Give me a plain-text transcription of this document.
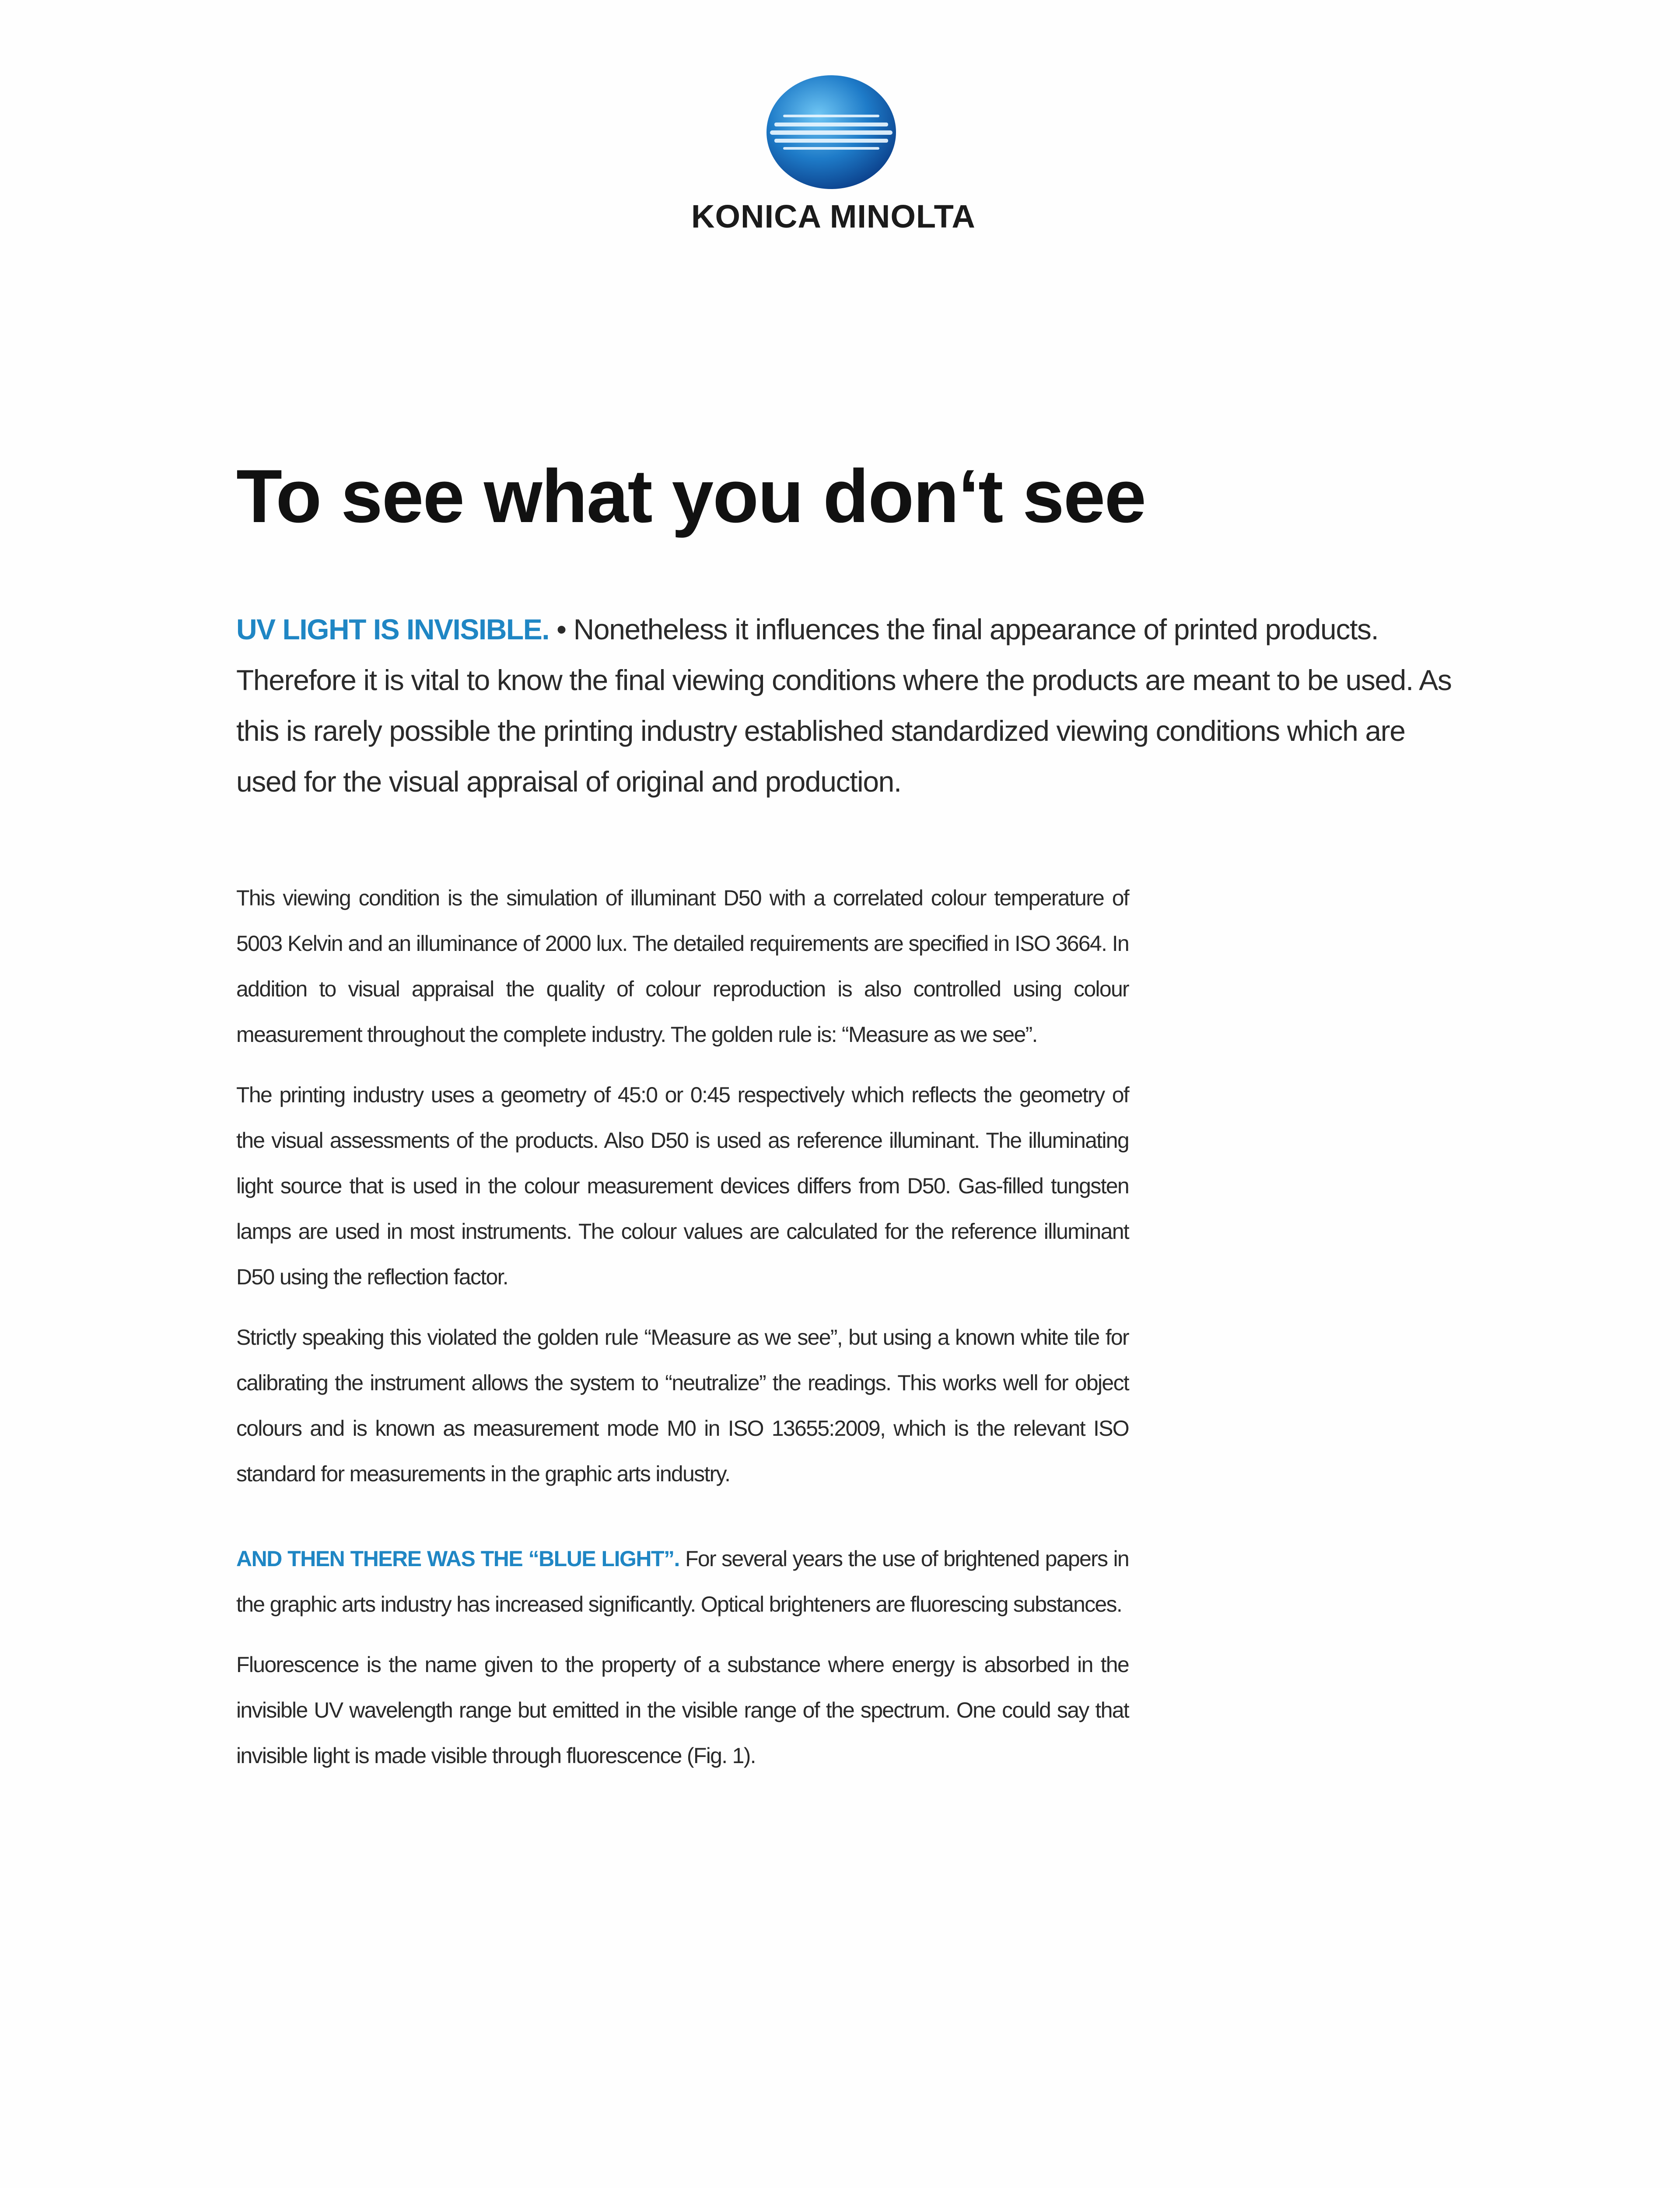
KONICA MINOLTA
To see what you don‘t see

UV LIGHT IS INVISIBLE. • Nonetheless it influences the final appearance of printed products. Therefore it is vital to know the final viewing conditions where the products are meant to be used. As this is rarely possible the printing industry established standardized viewing conditions which are used for the visual appraisal of original and production.

This viewing condition is the simulation of illuminant D50 with a correlated colour temperature of 5003 Kelvin and an illuminance of 2000 lux. The detailed requirements are specified in ISO 3664. In addition to visual appraisal the quality of colour reproduction is also controlled using colour measurement throughout the complete industry. The golden rule is: “Measure as we see”.

The printing industry uses a geometry of 45:0 or 0:45 respectively which reflects the geometry of the visual assessments of the products. Also D50 is used as reference illuminant. The illuminating light source that is used in the colour measurement devices differs from D50. Gas-filled tungsten lamps are used in most instruments. The colour values are calculated for the reference illuminant D50 using the reflection factor.

Strictly speaking this violated the golden rule “Measure as we see”, but using a known white tile for calibrating the instrument allows the system to “neutralize” the readings. This works well for object colours and is known as measurement mode M0 in ISO 13655:2009, which is the relevant ISO standard for measurements in the graphic arts industry.

AND THEN THERE WAS THE “BLUE LIGHT”. For several years the use of brightened papers in the graphic arts industry has increased significantly. Optical brighteners are fluorescing substances.

Fluorescence is the name given to the property of a substance where energy is absorbed in the invisible UV wavelength range but emitted in the visible range of the spectrum. One could say that invisible light is made visible through fluorescence (Fig. 1).
